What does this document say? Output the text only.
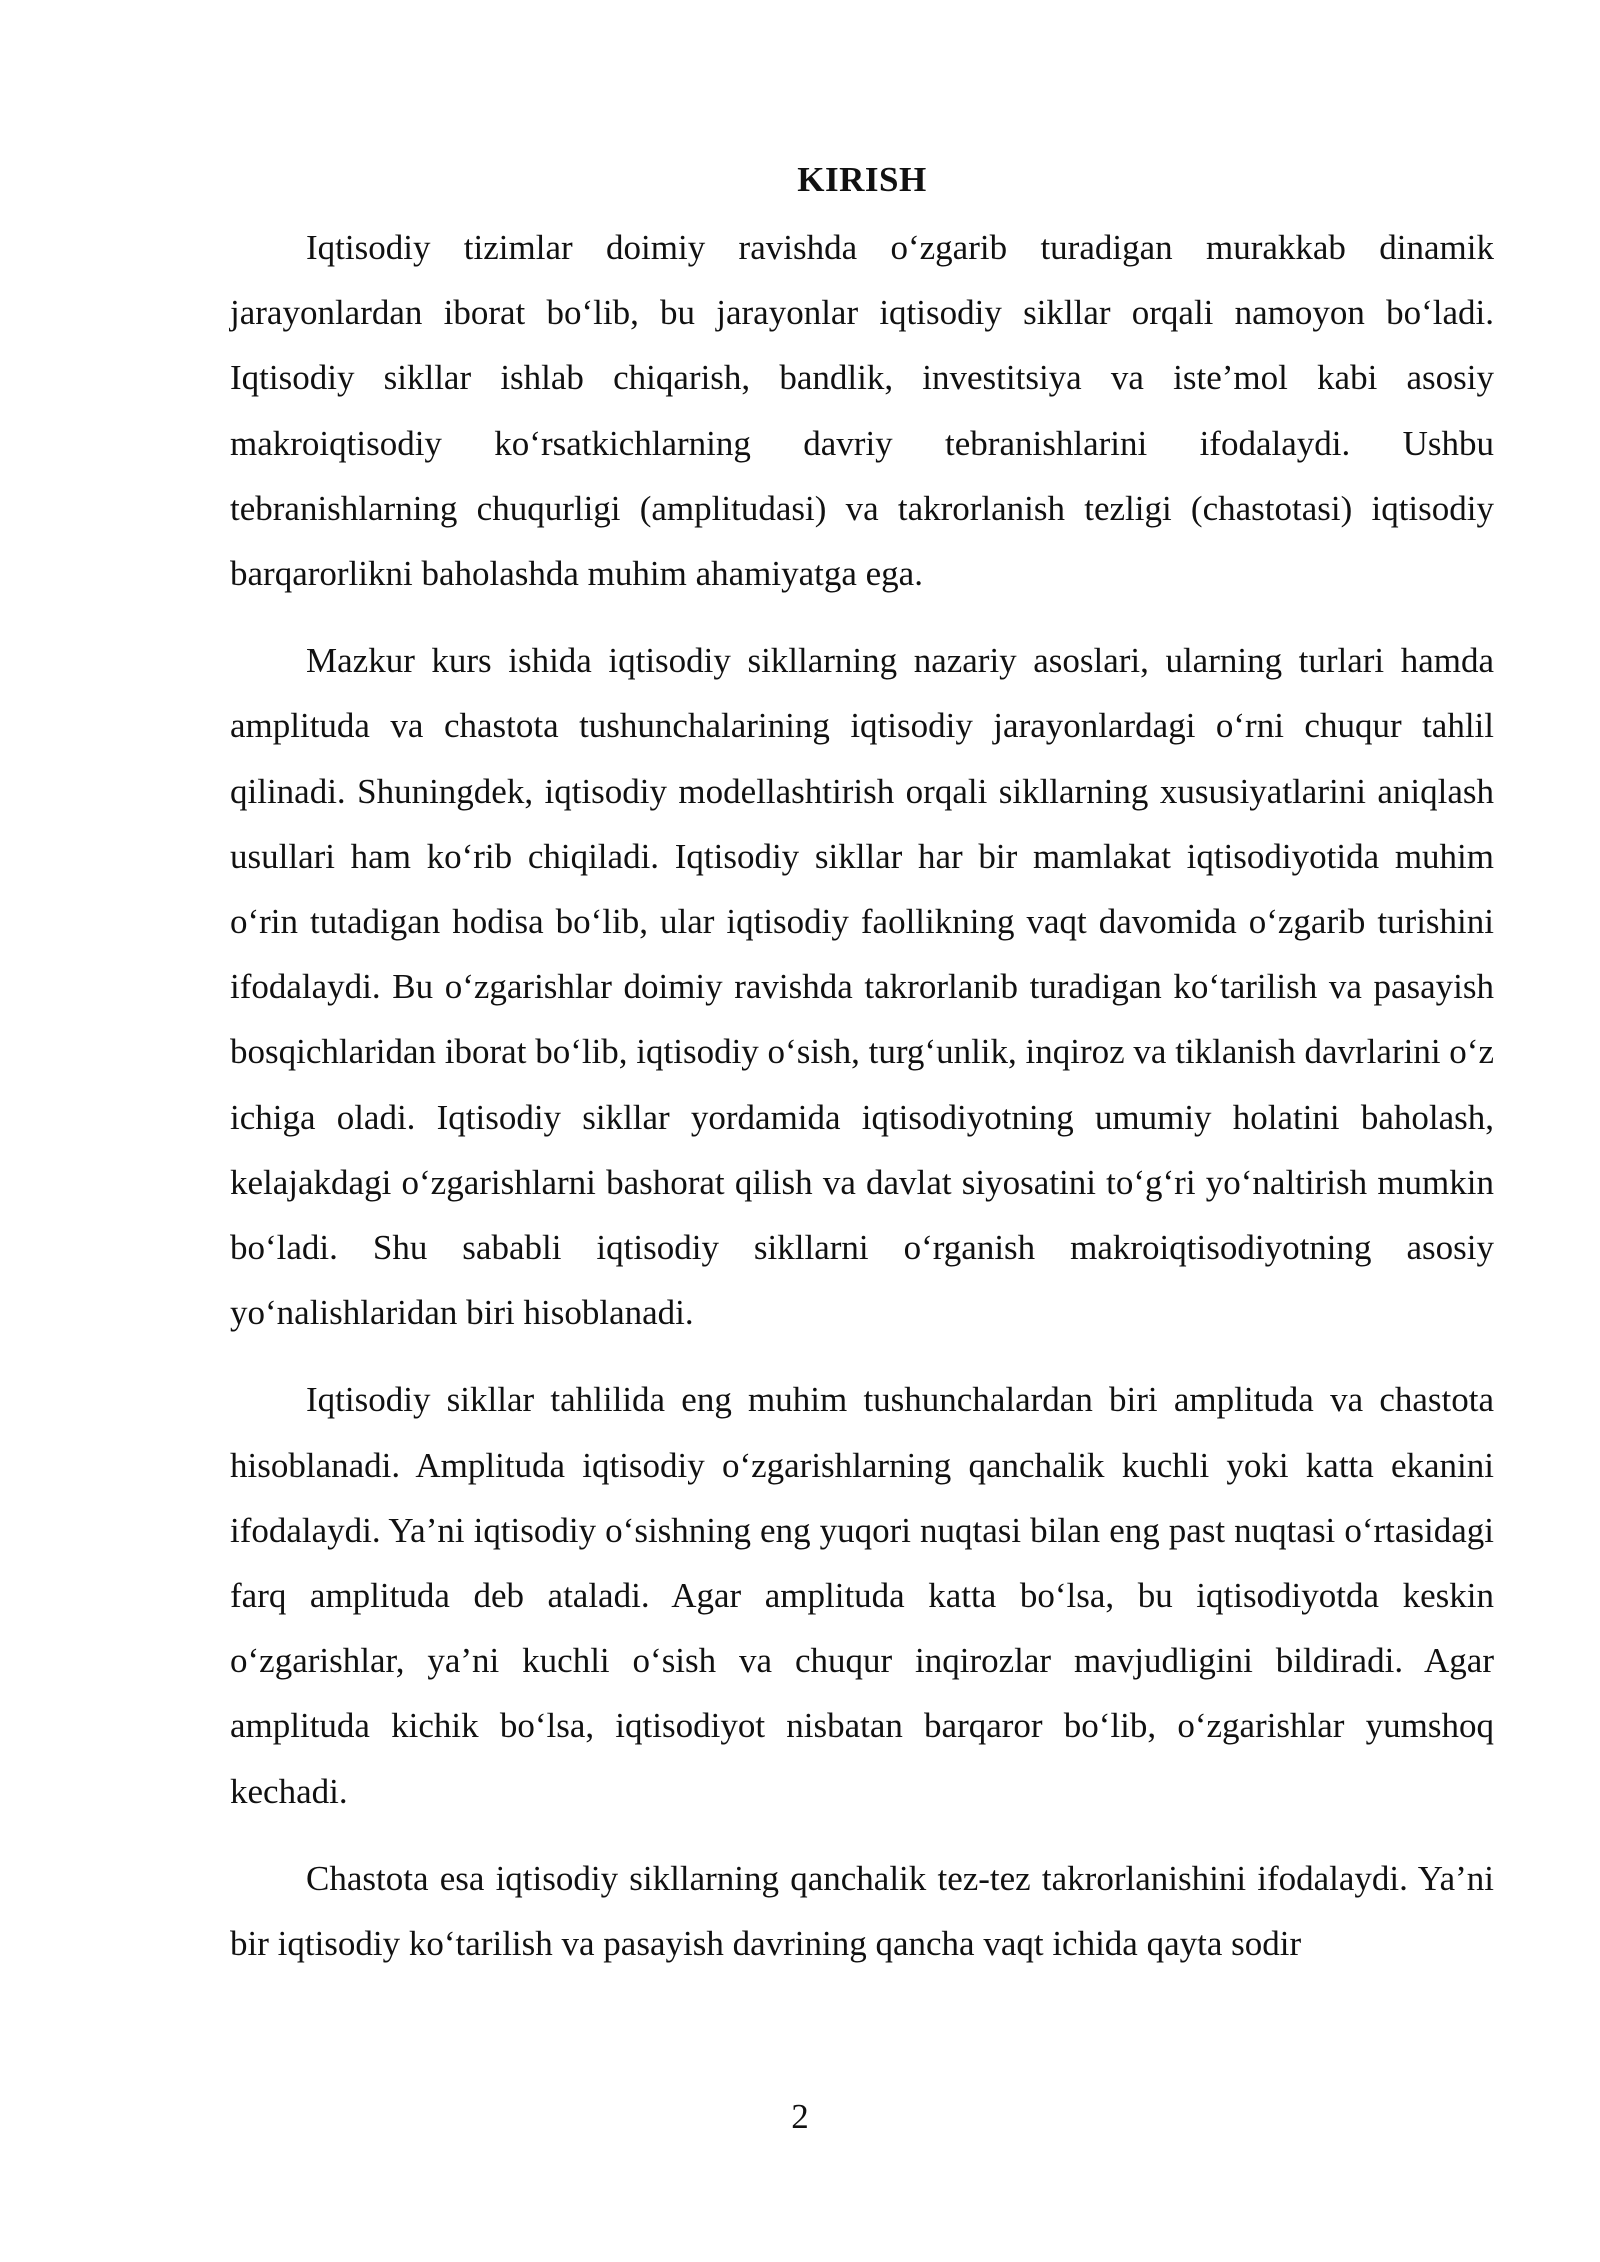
KIRISH

Iqtisodiy tizimlar doimiy ravishda o‘zgarib turadigan murakkab dinamik jarayonlardan iborat bo‘lib, bu jarayonlar iqtisodiy sikllar orqali namoyon bo‘ladi. Iqtisodiy sikllar ishlab chiqarish, bandlik, investitsiya va iste’mol kabi asosiy makroiqtisodiy ko‘rsatkichlarning davriy tebranishlarini ifodalaydi. Ushbu tebranishlarning chuqurligi (amplitudasi) va takrorlanish tezligi (chastotasi) iqtisodiy barqarorlikni baholashda muhim ahamiyatga ega.

Mazkur kurs ishida iqtisodiy sikllarning nazariy asoslari, ularning turlari hamda amplituda va chastota tushunchalarining iqtisodiy jarayonlardagi o‘rni chuqur tahlil qilinadi. Shuningdek, iqtisodiy modellashtirish orqali sikllarning xususiyatlarini aniqlash usullari ham ko‘rib chiqiladi. Iqtisodiy sikllar har bir mamlakat iqtisodiyotida muhim o‘rin tutadigan hodisa bo‘lib, ular iqtisodiy faollikning vaqt davomida o‘zgarib turishini ifodalaydi. Bu o‘zgarishlar doimiy ravishda takrorlanib turadigan ko‘tarilish va pasayish bosqichlaridan iborat bo‘lib, iqtisodiy o‘sish, turg‘unlik, inqiroz va tiklanish davrlarini o‘z ichiga oladi. Iqtisodiy sikllar yordamida iqtisodiyotning umumiy holatini baholash, kelajakdagi o‘zgarishlarni bashorat qilish va davlat siyosatini to‘g‘ri yo‘naltirish mumkin bo‘ladi. Shu sababli iqtisodiy sikllarni o‘rganish makroiqtisodiyotning asosiy yo‘nalishlaridan biri hisoblanadi.

Iqtisodiy sikllar tahlilida eng muhim tushunchalardan biri amplituda va chastota hisoblanadi. Amplituda iqtisodiy o‘zgarishlarning qanchalik kuchli yoki katta ekanini ifodalaydi. Ya’ni iqtisodiy o‘sishning eng yuqori nuqtasi bilan eng past nuqtasi o‘rtasidagi farq amplituda deb ataladi. Agar amplituda katta bo‘lsa, bu iqtisodiyotda keskin o‘zgarishlar, ya’ni kuchli o‘sish va chuqur inqirozlar mavjudligini bildiradi. Agar amplituda kichik bo‘lsa, iqtisodiyot nisbatan barqaror bo‘lib, o‘zgarishlar yumshoq kechadi.

Chastota esa iqtisodiy sikllarning qanchalik tez-tez takrorlanishini ifodalaydi. Ya’ni bir iqtisodiy ko‘tarilish va pasayish davrining qancha vaqt ichida qayta sodir

2
